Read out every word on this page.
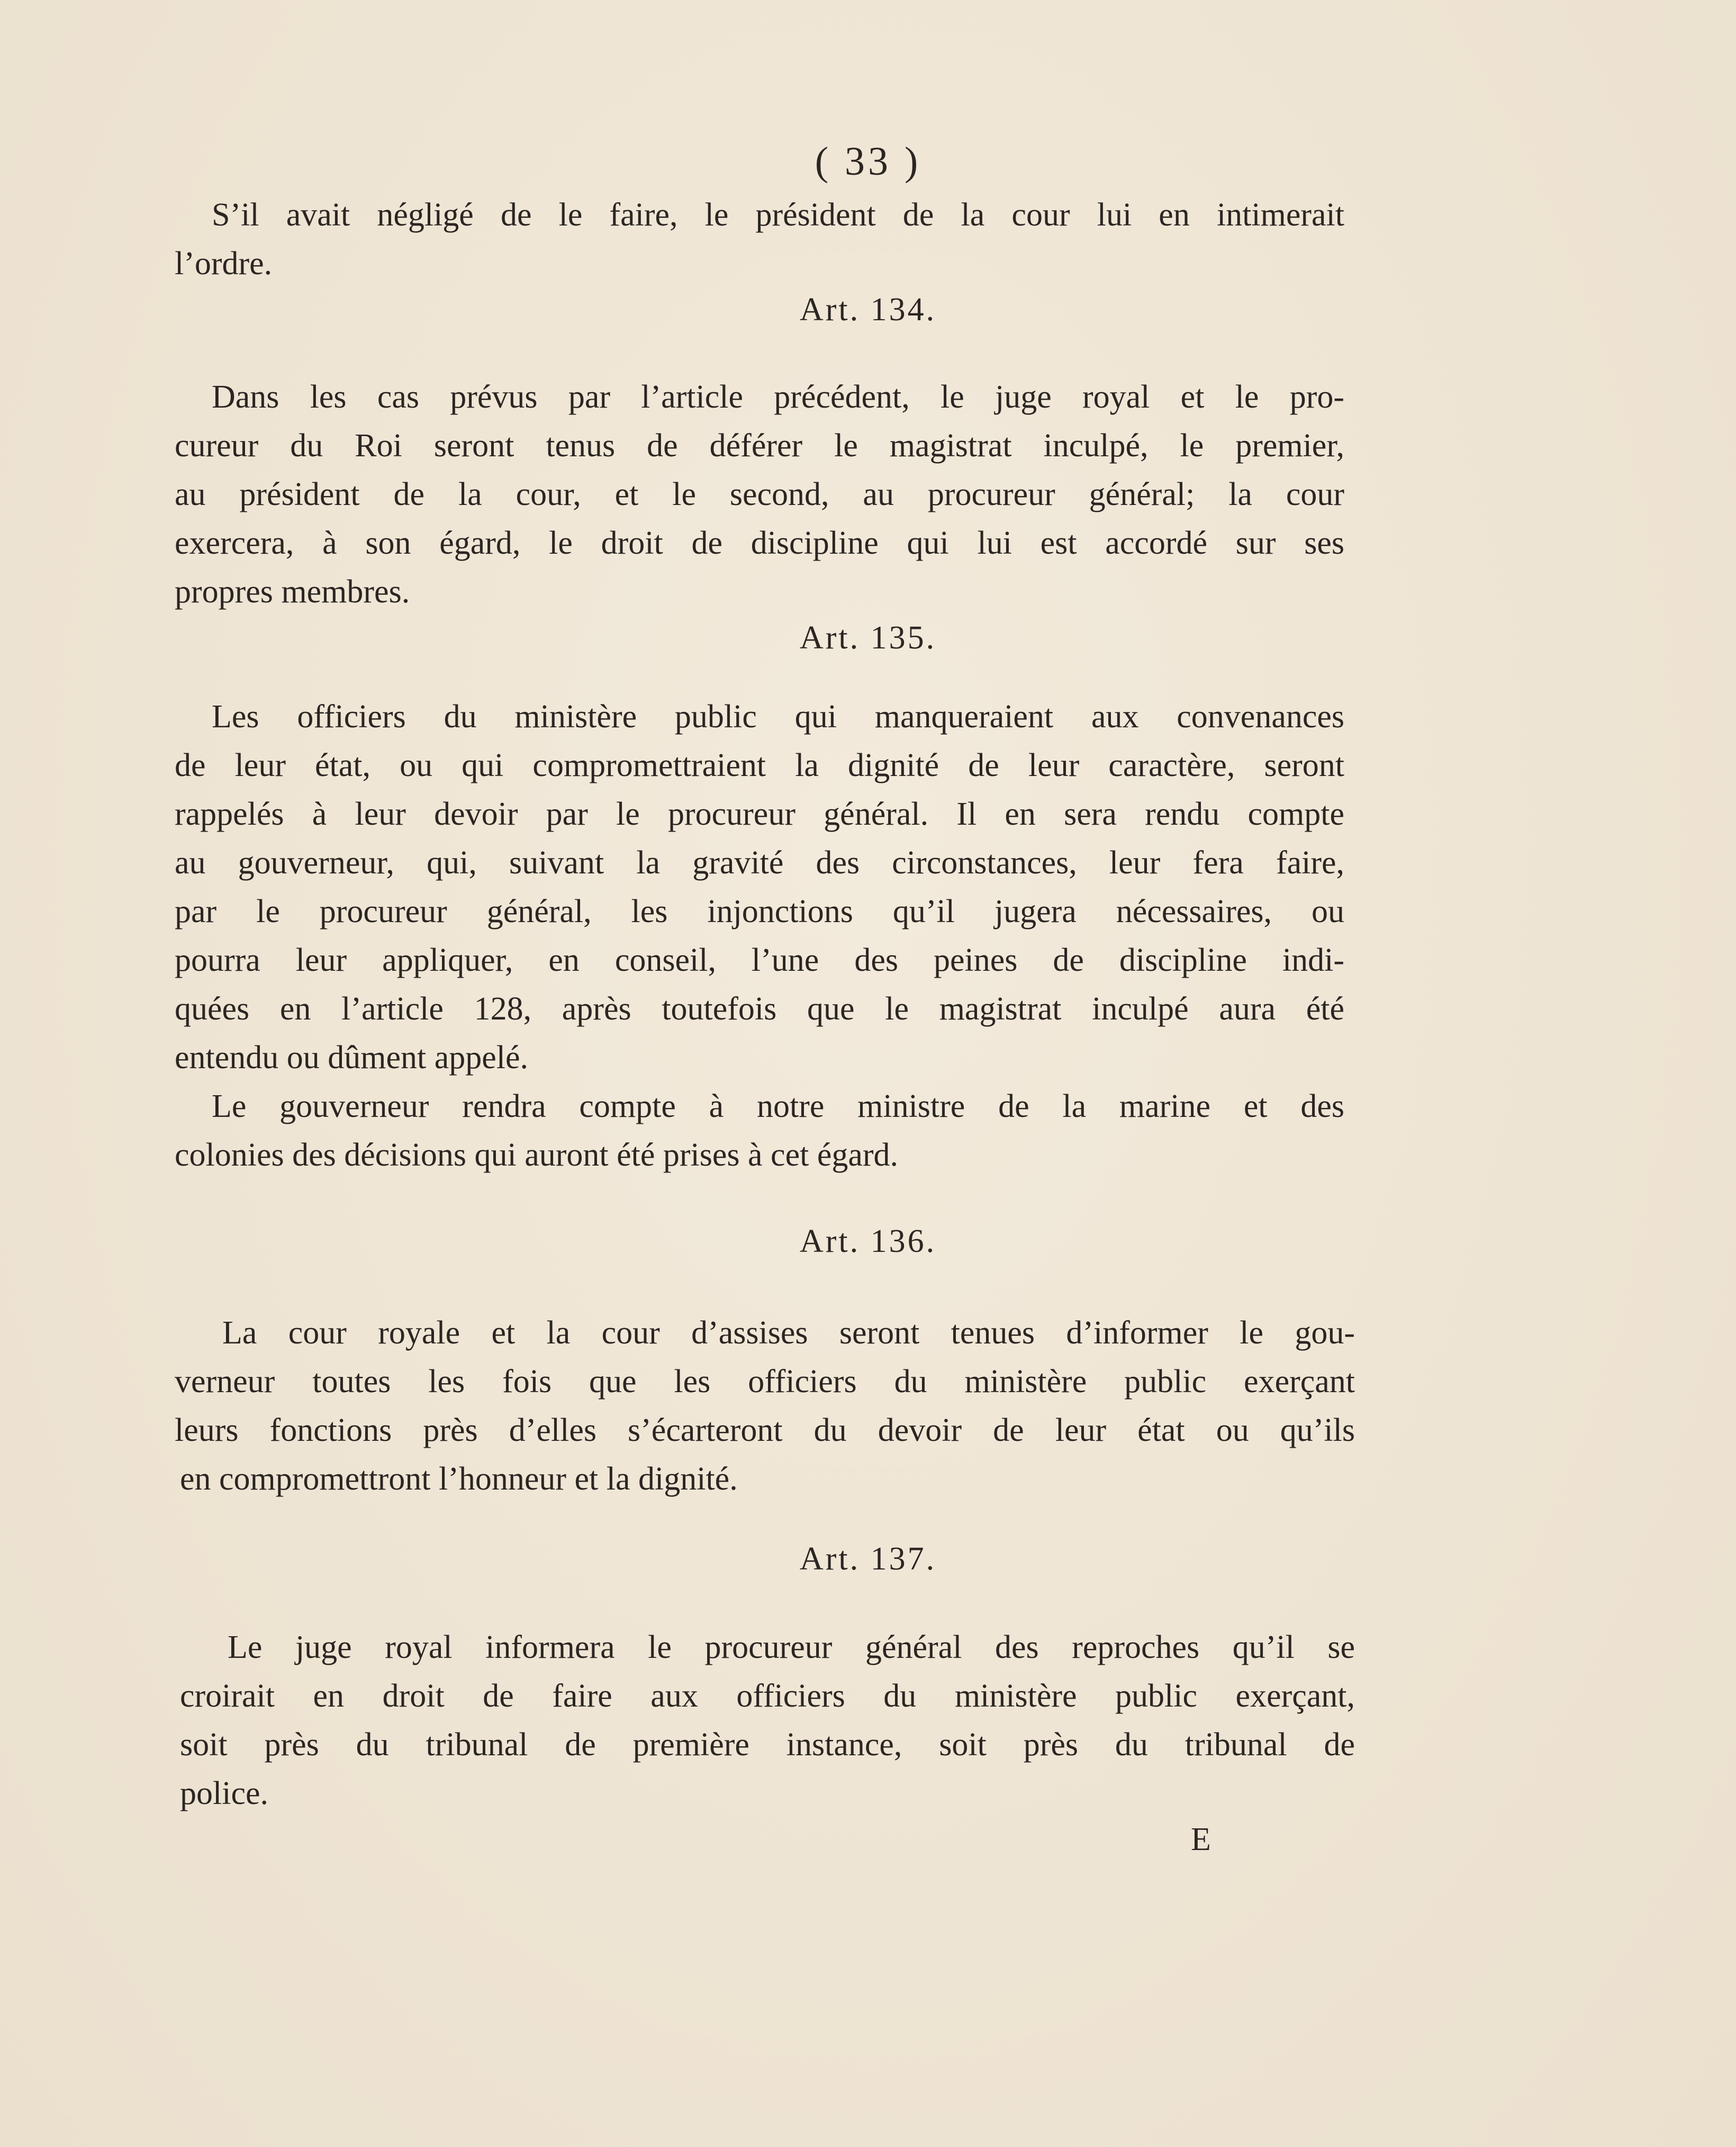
( 33 )
S’il avait négligé de le faire, le président de la cour lui en intimerait
l’ordre.
Art. 134.
Dans les cas prévus par l’article précédent, le juge royal et le pro-
cureur du Roi seront tenus de déférer le magistrat inculpé, le premier,
au président de la cour, et le second, au procureur général; la cour
exercera, à son égard, le droit de discipline qui lui est accordé sur ses
propres membres.
Art. 135.
Les officiers du ministère public qui manqueraient aux convenances
de leur état, ou qui compromettraient la dignité de leur caractère, seront
rappelés à leur devoir par le procureur général. Il en sera rendu compte
au gouverneur, qui, suivant la gravité des circonstances, leur fera faire,
par le procureur général, les injonctions qu’il jugera nécessaires, ou
pourra leur appliquer, en conseil, l’une des peines de discipline indi-
quées en l’article 128, après toutefois que le magistrat inculpé aura été
entendu ou dûment appelé.
Le gouverneur rendra compte à notre ministre de la marine et des
colonies des décisions qui auront été prises à cet égard.
Art. 136.
La cour royale et la cour d’assises seront tenues d’informer le gou-
verneur toutes les fois que les officiers du ministère public exerçant
leurs fonctions près d’elles s’écarteront du devoir de leur état ou qu’ils
en compromettront l’honneur et la dignité.
Art. 137.
Le juge royal informera le procureur général des reproches qu’il se
croirait en droit de faire aux officiers du ministère public exerçant,
soit près du tribunal de première instance, soit près du tribunal de
police.
E
